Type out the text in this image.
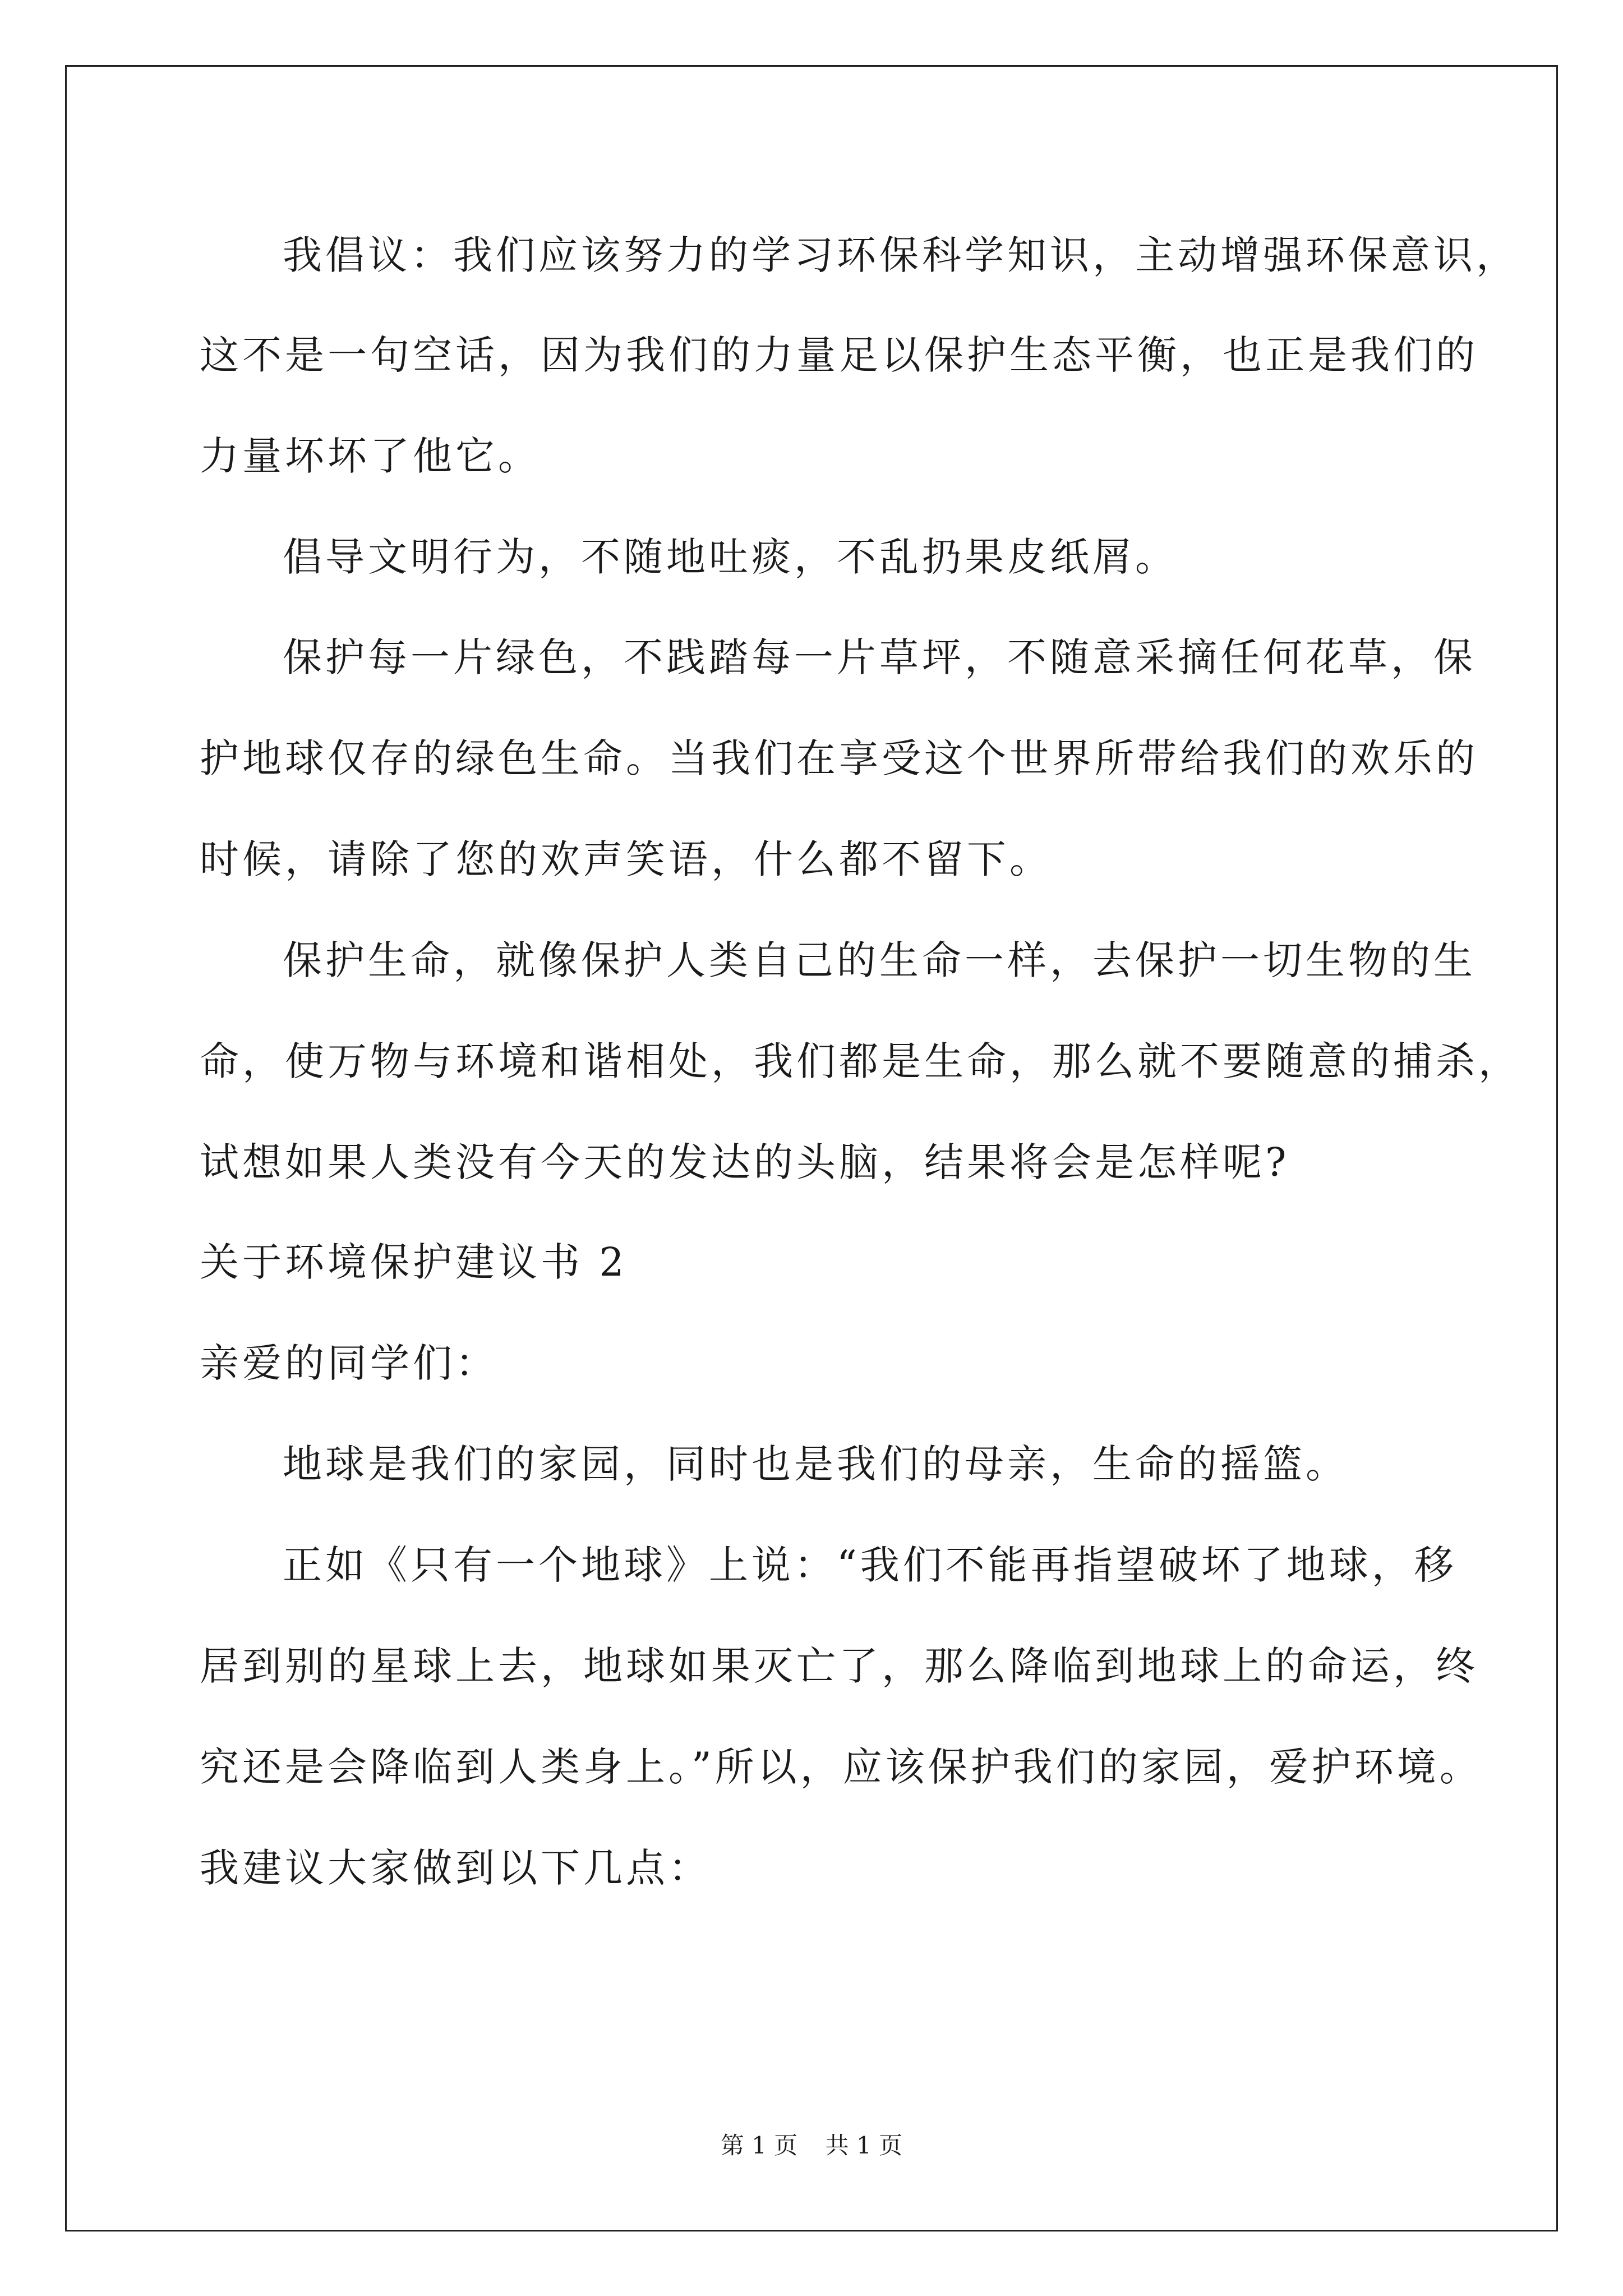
我倡议：我们应该努力的学习环保科学知识，主动增强环保意识，
这不是一句空话，因为我们的力量足以保护生态平衡，也正是我们的
力量坏坏了他它。
倡导文明行为，不随地吐痰，不乱扔果皮纸屑。
保护每一片绿色，不践踏每一片草坪，不随意采摘任何花草，保
护地球仅存的绿色生命。当我们在享受这个世界所带给我们的欢乐的
时候，请除了您的欢声笑语，什么都不留下。
保护生命，就像保护人类自己的生命一样，去保护一切生物的生
命，使万物与环境和谐相处，我们都是生命，那么就不要随意的捕杀，
试想如果人类没有今天的发达的头脑，结果将会是怎样呢?
关于环境保护建议书 2
亲爱的同学们：
地球是我们的家园，同时也是我们的母亲，生命的摇篮。
正如《只有一个地球》上说：“我们不能再指望破坏了地球，移
居到别的星球上去，地球如果灭亡了，那么降临到地球上的命运，终
究还是会降临到人类身上。”所以，应该保护我们的家园，爱护环境。
我建议大家做到以下几点：
第 1 页 共 1 页
